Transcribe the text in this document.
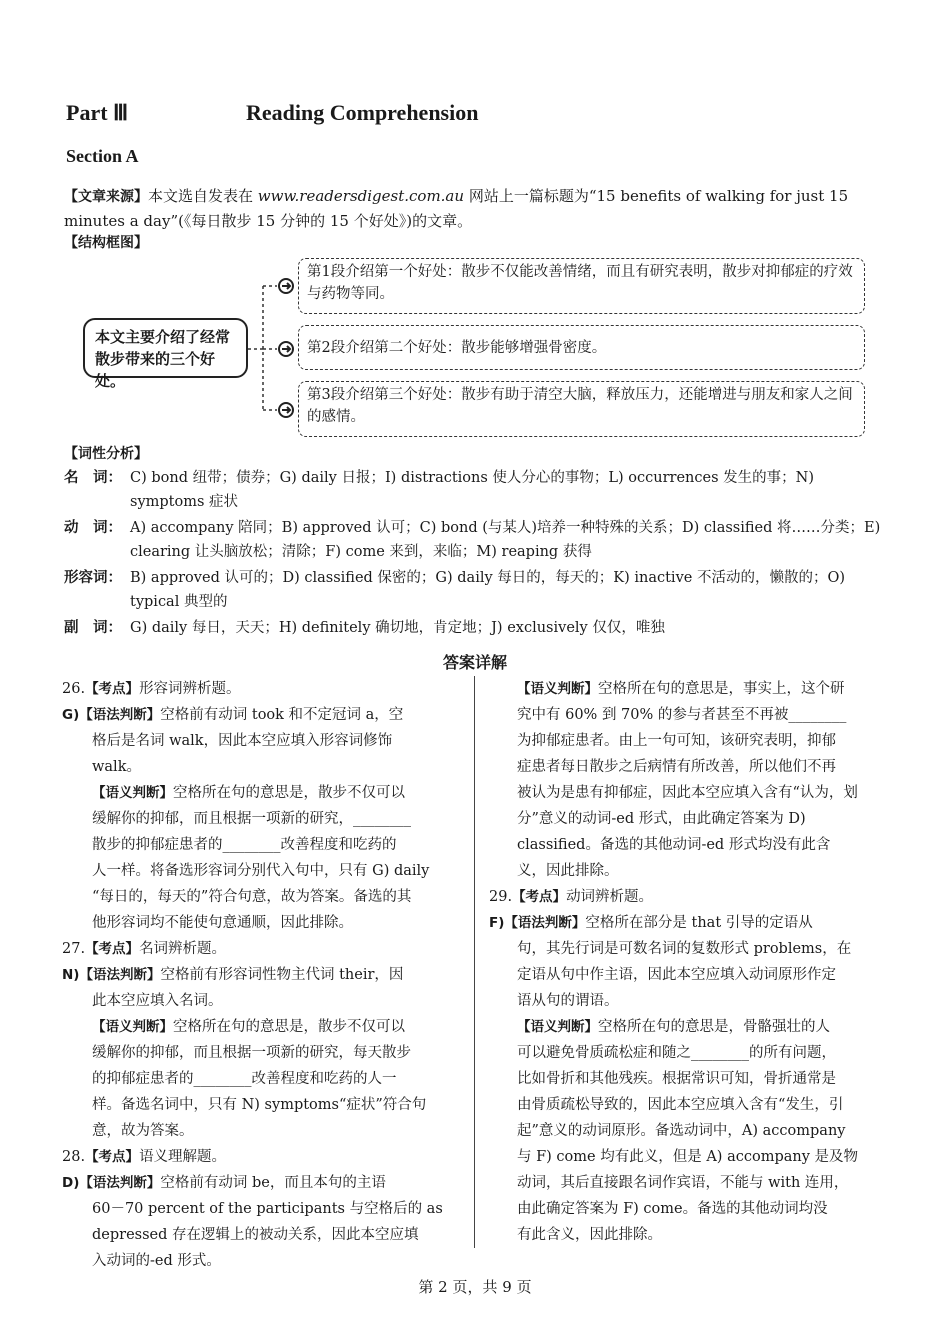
Part Ⅲ	Reading Comprehension
Section A
【文章来源】本文选自发表在 www.readersdigest.com.au 网站上一篇标题为“15 benefits of walking for just 15 minutes a day”(《每日散步 15 分钟的 15 个好处》)的文章。
【结构框图】
本文主要介绍了经常散步带来的三个好处。
第1段介绍第一个好处：散步不仅能改善情绪，而且有研究表明，散步对抑郁症的疗效与药物等同。
第2段介绍第二个好处：散步能够增强骨密度。
第3段介绍第三个好处：散步有助于清空大脑，释放压力，还能增进与朋友和家人之间的感情。
【词性分析】
名　词： C) bond 纽带；债券；G) daily 日报；I) distractions 使人分心的事物；L) occurrences 发生的事；N) symptoms 症状
动　词： A) accompany 陪同；B) approved 认可；C) bond (与某人)培养一种特殊的关系；D) classified 将……分类；E) clearing 让头脑放松；清除；F) come 来到，来临；M) reaping 获得
形容词： B) approved 认可的；D) classified 保密的；G) daily 每日的，每天的；K) inactive 不活动的，懒散的；O) typical 典型的
副　词： G) daily 每日，天天；H) definitely 确切地，肯定地；J) exclusively 仅仅，唯独
答案详解
26.【考点】形容词辨析题。
G)【语法判断】空格前有动词 took 和不定冠词 a，空
格后是名词 walk，因此本空应填入形容词修饰
walk。
【语义判断】空格所在句的意思是，散步不仅可以
缓解你的抑郁，而且根据一项新的研究，________
散步的抑郁症患者的________改善程度和吃药的
人一样。将备选形容词分别代入句中，只有 G) daily
“每日的，每天的”符合句意，故为答案。备选的其
他形容词均不能使句意通顺，因此排除。
27.【考点】名词辨析题。
N)【语法判断】空格前有形容词性物主代词 their，因
此本空应填入名词。
【语义判断】空格所在句的意思是，散步不仅可以
缓解你的抑郁，而且根据一项新的研究，每天散步
的抑郁症患者的________改善程度和吃药的人一
样。备选名词中，只有 N) symptoms“症状”符合句
意，故为答案。
28.【考点】语义理解题。
D)【语法判断】空格前有动词 be，而且本句的主语
60－70 percent of the participants 与空格后的 as
depressed 存在逻辑上的被动关系，因此本空应填
入动词的-ed 形式。
【语义判断】空格所在句的意思是，事实上，这个研
究中有 60% 到 70% 的参与者甚至不再被________
为抑郁症患者。由上一句可知，该研究表明，抑郁
症患者每日散步之后病情有所改善，所以他们不再
被认为是患有抑郁症，因此本空应填入含有“认为，划
分”意义的动词-ed 形式，由此确定答案为 D)
classified。备选的其他动词-ed 形式均没有此含
义，因此排除。
29.【考点】动词辨析题。
F)【语法判断】空格所在部分是 that 引导的定语从
句，其先行词是可数名词的复数形式 problems，在
定语从句中作主语，因此本空应填入动词原形作定
语从句的谓语。
【语义判断】空格所在句的意思是，骨骼强壮的人
可以避免骨质疏松症和随之________的所有问题，
比如骨折和其他残疾。根据常识可知，骨折通常是
由骨质疏松导致的，因此本空应填入含有“发生，引
起”意义的动词原形。备选动词中，A) accompany
与 F) come 均有此义，但是 A) accompany 是及物
动词，其后直接跟名词作宾语，不能与 with 连用，
由此确定答案为 F) come。备选的其他动词均没
有此含义，因此排除。
第 2 页，共 9 页
